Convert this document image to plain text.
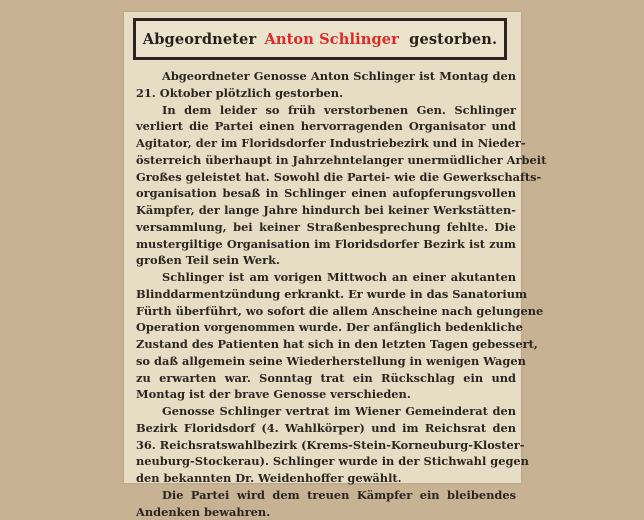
Abgeordneter Anton Schlinger gestorben.
Abgeordneter Genosse Anton Schlinger ist Montag den
21. Oktober plötzlich gestorben.
In dem leider so früh verstorbenen Gen. Schlinger
verliert die Partei einen hervorragenden Organisator und
Agitator, der im Floridsdorfer Industriebezirk und in Nieder-
österreich überhaupt in Jahrzehntelanger unermüdlicher Arbeit
Großes geleistet hat. Sowohl die Partei- wie die Gewerkschafts-
organisation besaß in Schlinger einen aufopferungsvollen
Kämpfer, der lange Jahre hindurch bei keiner Werkstätten-
versammlung, bei keiner Straßenbesprechung fehlte. Die
mustergiltige Organisation im Floridsdorfer Bezirk ist zum
großen Teil sein Werk.
Schlinger ist am vorigen Mittwoch an einer akutanten
Blinddarmentzündung erkrankt. Er wurde in das Sanatorium
Fürth überführt, wo sofort die allem Anscheine nach gelungene
Operation vorgenommen wurde. Der anfänglich bedenkliche
Zustand des Patienten hat sich in den letzten Tagen gebessert,
so daß allgemein seine Wiederherstellung in wenigen Wagen
zu erwarten war. Sonntag trat ein Rückschlag ein und
Montag ist der brave Genosse verschieden.
Genosse Schlinger vertrat im Wiener Gemeinderat den
Bezirk Floridsdorf (4. Wahlkörper) und im Reichsrat den
36. Reichsratswahlbezirk (Krems-Stein-Korneuburg-Kloster-
neuburg-Stockerau). Schlinger wurde in der Stichwahl gegen
den bekannten Dr. Weidenhoffer gewählt.
Die Partei wird dem treuen Kämpfer ein bleibendes
Andenken bewahren.
